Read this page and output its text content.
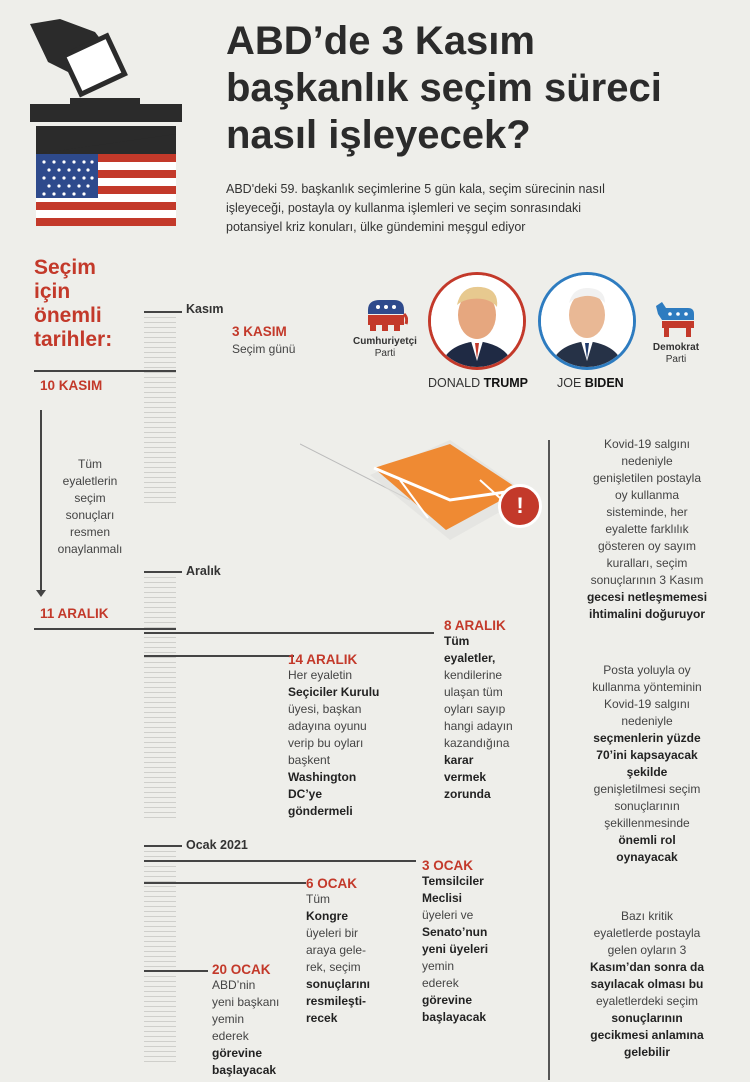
ABD’de 3 Kasım
başkanlık seçim süreci
nasıl işleyecek?
ABD'deki 59. başkanlık seçimlerine 5 gün kala, seçim sürecinin nasıl
işleyeceği, postayla oy kullanma işlemleri ve seçim sonrasındaki
potansiyel kriz konuları, ülke gündemini meşgul ediyor
Seçim
için
önemli
tarihler:
Kasım
Aralık
Ocak 2021
3 KASIM
Seçim günü
10 KASIM
Tüm
eyaletlerin
seçim
sonuçları
resmen
onaylanmalı
11 ARALIK
8 ARALIK
Tüm
eyaletler,
kendilerine
ulaşan tüm
oyları sayıp
hangi adayın
kazandığına
karar
vermek
zorunda
14 ARALIK
Her eyaletin
Seçiciler Kurulu
üyesi, başkan
adayına oyunu
verip bu oyları
başkent
Washington
DC’ye
göndermeli
3 OCAK
Temsilciler
Meclisi
üyeleri ve
Senato’nun
yeni üyeleri
yemin
ederek
görevine
başlayacak
6 OCAK
Tüm
Kongre
üyeleri bir
araya gele-
rek, seçim
sonuçlarını
resmileşti-
recek
20 OCAK
ABD’nin
yeni başkanı
yemin
ederek
görevine
başlayacak
Cumhuriyetçi
Parti
DONALD TRUMP JOE BIDEN
Demokrat
Parti
!
Kovid-19 salgını
nedeniyle
genişletilen postayla
oy kullanma
sisteminde, her
eyalette farklılık
gösteren oy sayım
kuralları, seçim
sonuçlarının 3 Kasım
gecesi netleşmemesi
ihtimalini doğuruyor
Posta yoluyla oy
kullanma yönteminin
Kovid-19 salgını
nedeniyle
seçmenlerin yüzde
70’ini kapsayacak
şekilde
genişletilmesi seçim
sonuçlarının
şekillenmesinde
önemli rol
oynayacak
Bazı kritik
eyaletlerde postayla
gelen oyların 3
Kasım’dan sonra da
sayılacak olması bu
eyaletlerdeki seçim
sonuçlarının
gecikmesi anlamına
gelebilir
